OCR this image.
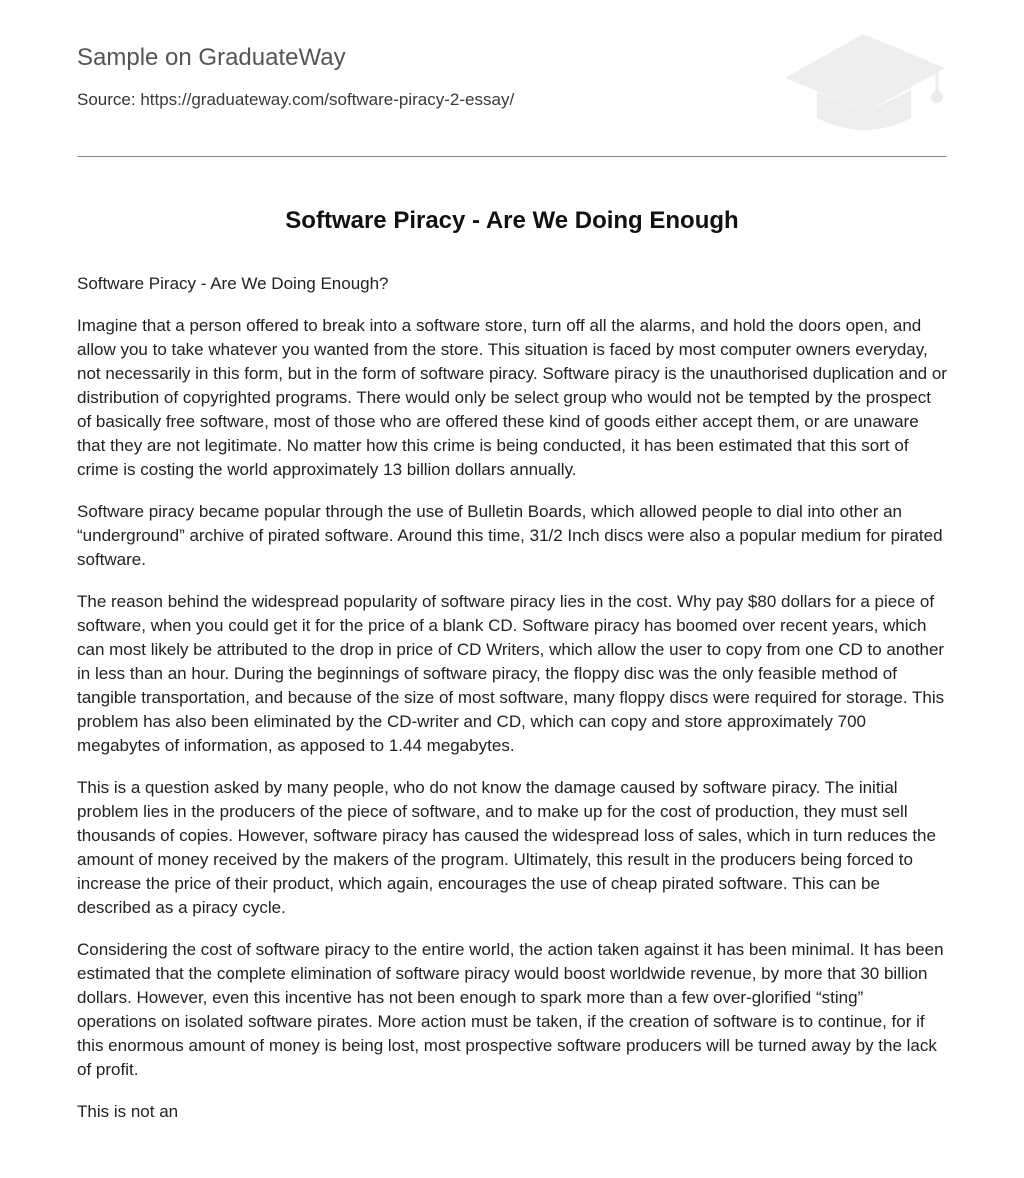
Sample on GraduateWay
Source: https://graduateway.com/software-piracy-2-essay/
Software Piracy - Are We Doing Enough

Software Piracy - Are We Doing Enough?

Imagine that a person offered to break into a software store, turn off all the alarms, and hold the doors open, and allow you to take whatever you wanted from the store. This situation is faced by most computer owners everyday, not necessarily in this form, but in the form of software piracy. Software piracy is the unauthorised duplication and or distribution of copyrighted programs. There would only be select group who would not be tempted by the prospect of basically free software, most of those who are offered these kind of goods either accept them, or are unaware that they are not legitimate. No matter how this crime is being conducted, it has been estimated that this sort of crime is costing the world approximately 13 billion dollars annually.

Software piracy became popular through the use of Bulletin Boards, which allowed people to dial into other an “underground” archive of pirated software. Around this time, 31/2 Inch discs were also a popular medium for pirated software.

The reason behind the widespread popularity of software piracy lies in the cost. Why pay $80 dollars for a piece of software, when you could get it for the price of a blank CD. Software piracy has boomed over recent years, which can most likely be attributed to the drop in price of CD Writers, which allow the user to copy from one CD to another in less than an hour. During the beginnings of software piracy, the floppy disc was the only feasible method of tangible transportation, and because of the size of most software, many floppy discs were required for storage. This problem has also been eliminated by the CD-writer and CD, which can copy and store approximately 700 megabytes of information, as apposed to 1.44 megabytes.

This is a question asked by many people, who do not know the damage caused by software piracy. The initial problem lies in the producers of the piece of software, and to make up for the cost of production, they must sell thousands of copies. However, software piracy has caused the widespread loss of sales, which in turn reduces the amount of money received by the makers of the program. Ultimately, this result in the producers being forced to increase the price of their product, which again, encourages the use of cheap pirated software. This can be described as a piracy cycle.

Considering the cost of software piracy to the entire world, the action taken against it has been minimal. It has been estimated that the complete elimination of software piracy would boost worldwide revenue, by more that 30 billion dollars. However, even this incentive has not been enough to spark more than a few over-glorified “sting” operations on isolated software pirates. More action must be taken, if the creation of software is to continue, for if this enormous amount of money is being lost, most prospective software producers will be turned away by the lack of profit.

This is not an
